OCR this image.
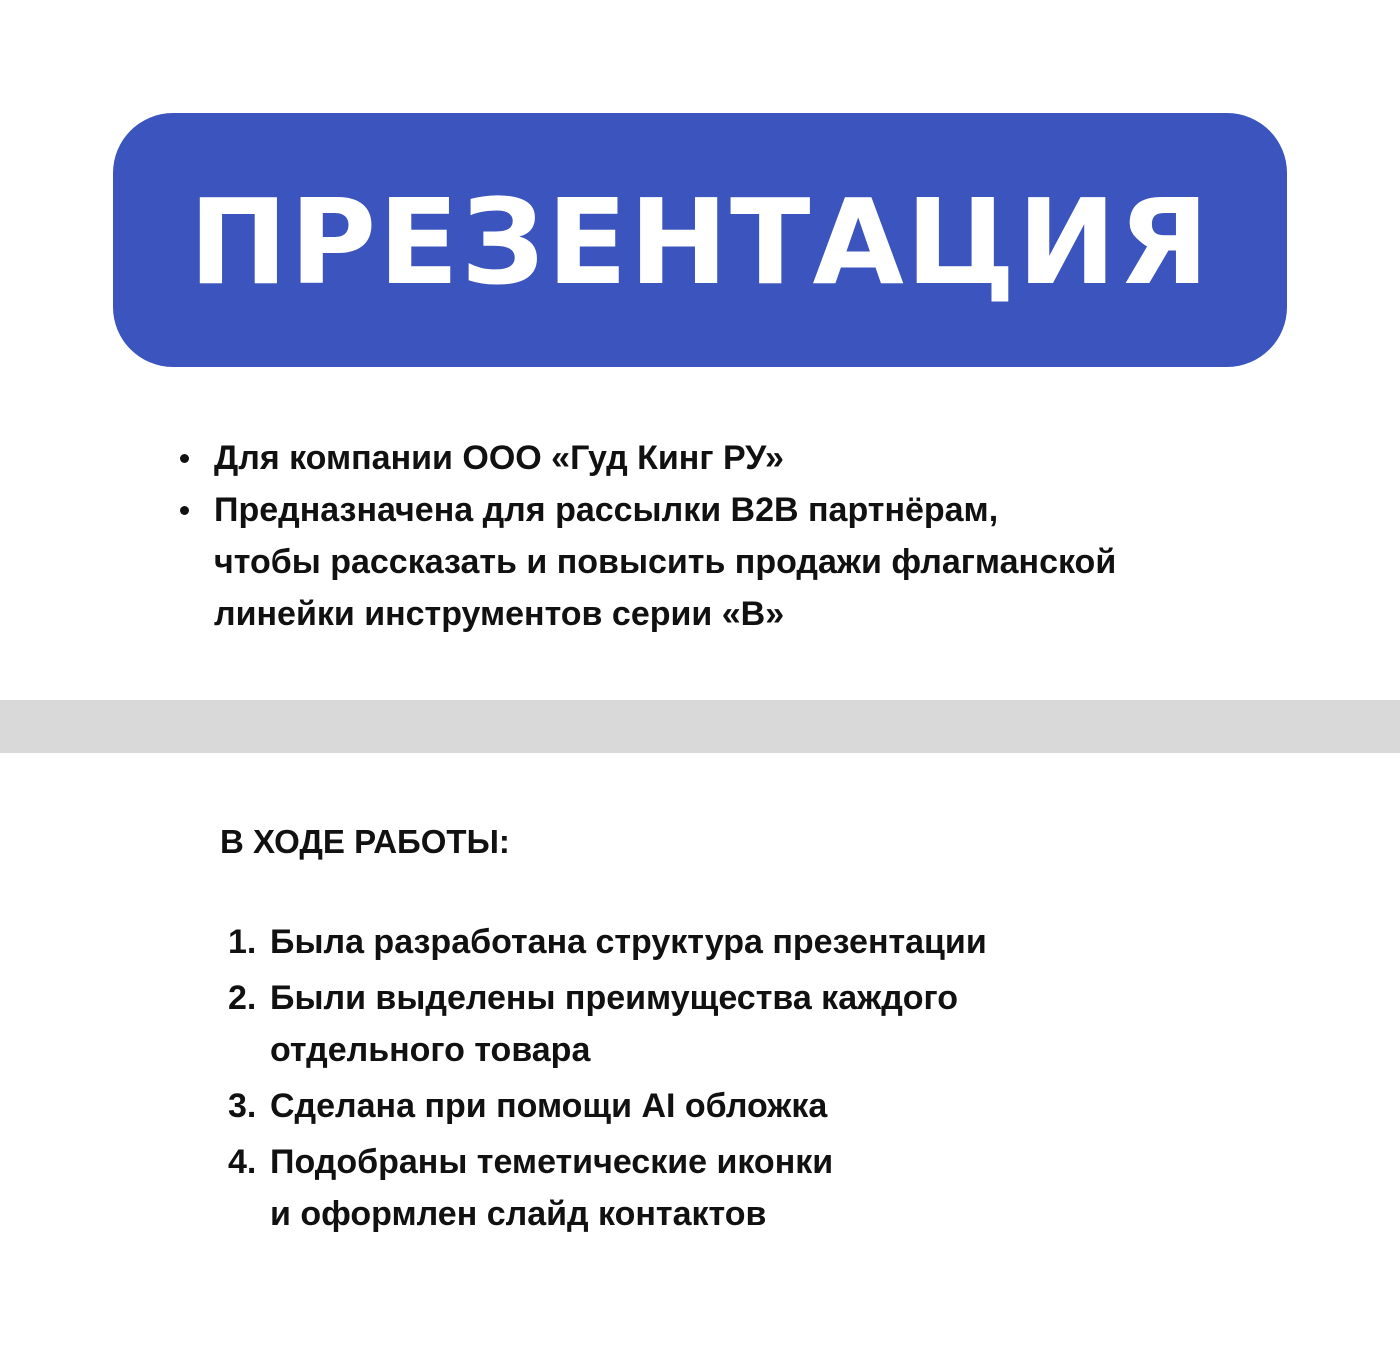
ПРЕЗЕНТАЦИЯ
Для компании ООО «Гуд Кинг РУ»
Предназначена для рассылки B2B партнёрам,
чтобы рассказать и повысить продажи флагманской
линейки инструментов серии «B»
В ХОДЕ РАБОТЫ:
1. Была разработана структура презентации
2. Были выделены преимущества каждого
отдельного товара
3. Сделана при помощи AI обложка
4. Подобраны теметические иконки
и оформлен слайд контактов
